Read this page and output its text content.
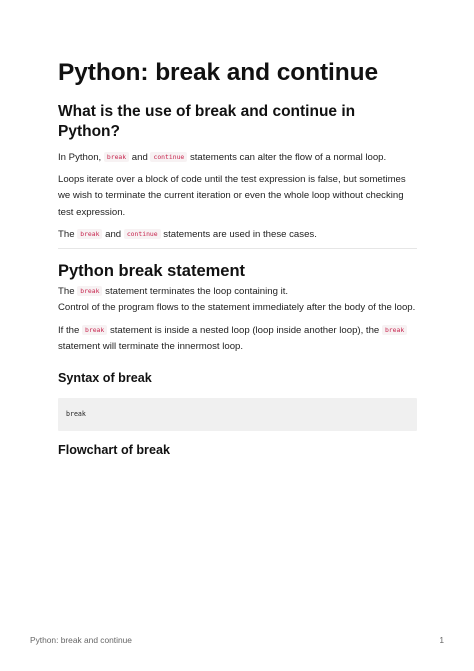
Python: break and continue
What is the use of break and continue in Python?

In Python, break and continue statements can alter the flow of a normal loop.

Loops iterate over a block of code until the test expression is false, but sometimes we wish to terminate the current iteration or even the whole loop without checking test expression.

The break and continue statements are used in these cases.

Python break statement

The break statement terminates the loop containing it.
Control of the program flows to the statement immediately after the body of the loop.

If the break statement is inside a nested loop (loop inside another loop), the break statement will terminate the innermost loop.

Syntax of break
break
Flowchart of break
Python: break and continue	1
